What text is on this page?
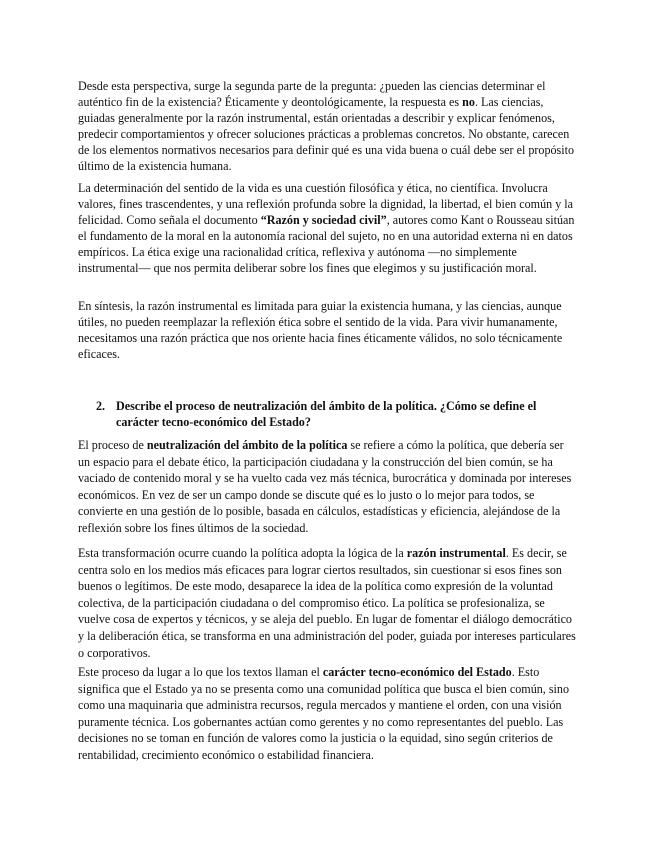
Desde esta perspectiva, surge la segunda parte de la pregunta: ¿pueden las ciencias determinar el auténtico fin de la existencia? Éticamente y deontológicamente, la respuesta es no. Las ciencias, guiadas generalmente por la razón instrumental, están orientadas a describir y explicar fenómenos, predecir comportamientos y ofrecer soluciones prácticas a problemas concretos. No obstante, carecen de los elementos normativos necesarios para definir qué es una vida buena o cuál debe ser el propósito último de la existencia humana.

La determinación del sentido de la vida es una cuestión filosófica y ética, no científica. Involucra valores, fines trascendentes, y una reflexión profunda sobre la dignidad, la libertad, el bien común y la felicidad. Como señala el documento “Razón y sociedad civil”, autores como Kant o Rousseau sitúan el fundamento de la moral en la autonomía racional del sujeto, no en una autoridad externa ni en datos empíricos. La ética exige una racionalidad crítica, reflexiva y autónoma —no simplemente instrumental— que nos permita deliberar sobre los fines que elegimos y su justificación moral.

En síntesis, la razón instrumental es limitada para guiar la existencia humana, y las ciencias, aunque útiles, no pueden reemplazar la reflexión ética sobre el sentido de la vida. Para vivir humanamente, necesitamos una razón práctica que nos oriente hacia fines éticamente válidos, no solo técnicamente eficaces.

2. Describe el proceso de neutralización del ámbito de la política. ¿Cómo se define el carácter tecno-económico del Estado?

El proceso de neutralización del ámbito de la política se refiere a cómo la política, que debería ser un espacio para el debate ético, la participación ciudadana y la construcción del bien común, se ha vaciado de contenido moral y se ha vuelto cada vez más técnica, burocrática y dominada por intereses económicos. En vez de ser un campo donde se discute qué es lo justo o lo mejor para todos, se convierte en una gestión de lo posible, basada en cálculos, estadísticas y eficiencia, alejándose de la reflexión sobre los fines últimos de la sociedad.

Esta transformación ocurre cuando la política adopta la lógica de la razón instrumental. Es decir, se centra solo en los medios más eficaces para lograr ciertos resultados, sin cuestionar si esos fines son buenos o legítimos. De este modo, desaparece la idea de la política como expresión de la voluntad colectiva, de la participación ciudadana o del compromiso ético. La política se profesionaliza, se vuelve cosa de expertos y técnicos, y se aleja del pueblo. En lugar de fomentar el diálogo democrático y la deliberación ética, se transforma en una administración del poder, guiada por intereses particulares o corporativos.

Este proceso da lugar a lo que los textos llaman el carácter tecno-económico del Estado. Esto significa que el Estado ya no se presenta como una comunidad política que busca el bien común, sino como una maquinaria que administra recursos, regula mercados y mantiene el orden, con una visión puramente técnica. Los gobernantes actúan como gerentes y no como representantes del pueblo. Las decisiones no se toman en función de valores como la justicia o la equidad, sino según criterios de rentabilidad, crecimiento económico o estabilidad financiera.
